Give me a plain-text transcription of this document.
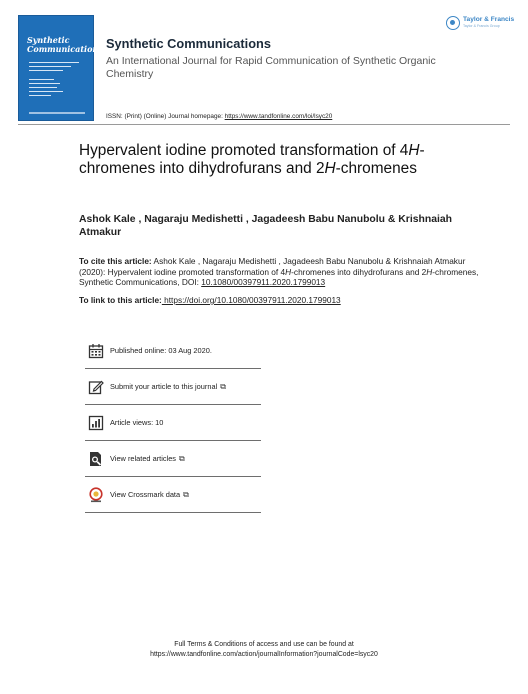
Taylor & Francis
Taylor & Francis Group
Synthetic
Communications Synthetic Communications
An International Journal for Rapid Communication of Synthetic Organic Chemistry
ISSN: (Print) (Online) Journal homepage: https://www.tandfonline.com/loi/lsyc20
Hypervalent iodine promoted transformation of 4H-chromenes into dihydrofurans and 2H-chromenes
Ashok Kale , Nagaraju Medishetti , Jagadeesh Babu Nanubolu & Krishnaiah Atmakur
To cite this article: Ashok Kale , Nagaraju Medishetti , Jagadeesh Babu Nanubolu & Krishnaiah Atmakur (2020): Hypervalent iodine promoted transformation of 4H-chromenes into dihydrofurans and 2H-chromenes, Synthetic Communications, DOI: 10.1080/00397911.2020.1799013
To link to this article: https://doi.org/10.1080/00397911.2020.1799013
Published online: 03 Aug 2020.
Submit your article to this journal ⧉
Article views: 10
View related articles ⧉
View Crossmark data ⧉
Full Terms & Conditions of access and use can be found at
https://www.tandfonline.com/action/journalInformation?journalCode=lsyc20
